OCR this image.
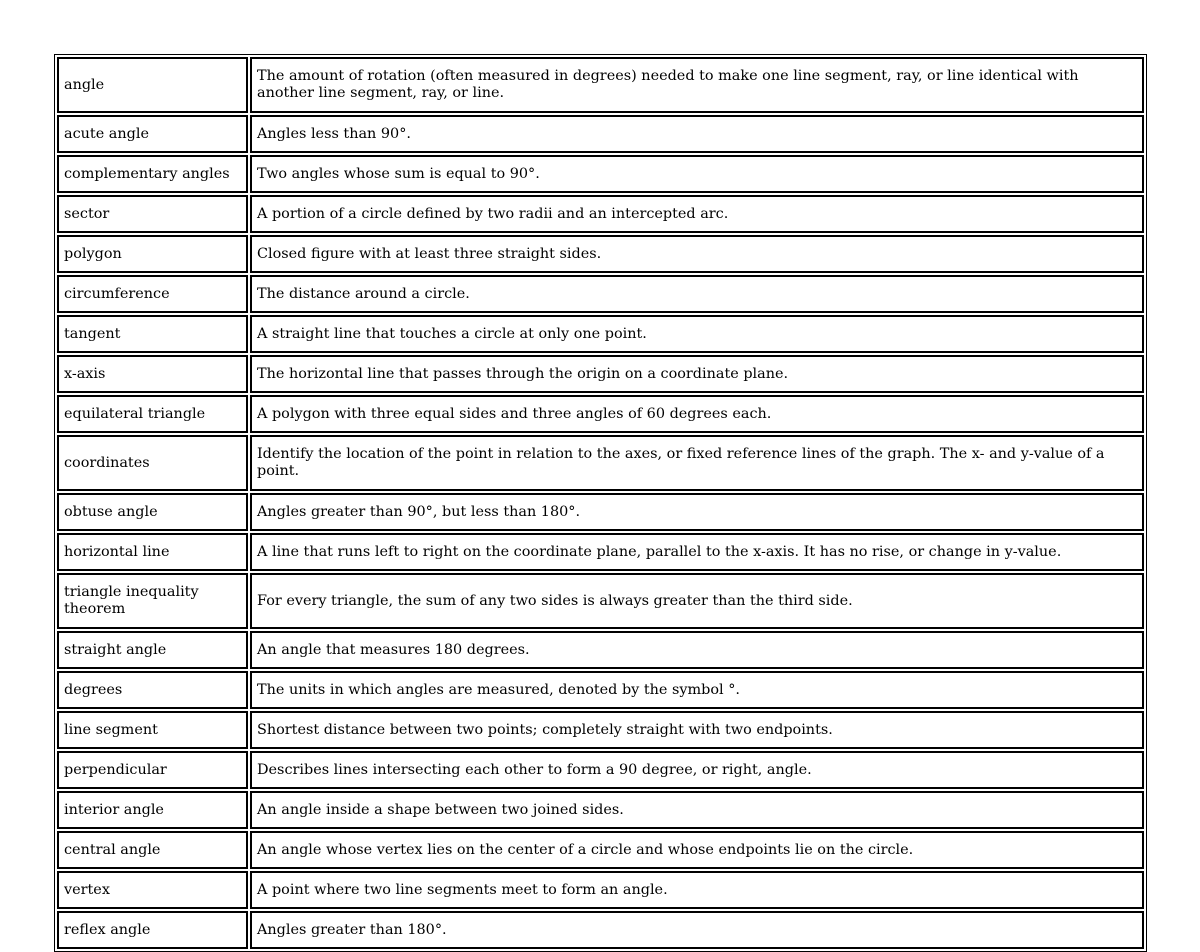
angle	The amount of rotation (often measured in degrees) needed to make one line segment, ray, or line identical with another line segment, ray, or line.
acute angle	Angles less than 90°.
complementary angles	Two angles whose sum is equal to 90°.
sector	A portion of a circle defined by two radii and an intercepted arc.
polygon	Closed figure with at least three straight sides.
circumference	The distance around a circle.
tangent	A straight line that touches a circle at only one point.
x-axis	The horizontal line that passes through the origin on a coordinate plane.
equilateral triangle	A polygon with three equal sides and three angles of 60 degrees each.
coordinates	Identify the location of the point in relation to the axes, or fixed reference lines of the graph. The x- and y-value of a point.
obtuse angle	Angles greater than 90°, but less than 180°.
horizontal line	A line that runs left to right on the coordinate plane, parallel to the x-axis. It has no rise, or change in y-value.
triangle inequality theorem	For every triangle, the sum of any two sides is always greater than the third side.
straight angle	An angle that measures 180 degrees.
degrees	The units in which angles are measured, denoted by the symbol °.
line segment	Shortest distance between two points; completely straight with two endpoints.
perpendicular	Describes lines intersecting each other to form a 90 degree, or right, angle.
interior angle	An angle inside a shape between two joined sides.
central angle	An angle whose vertex lies on the center of a circle and whose endpoints lie on the circle.
vertex	A point where two line segments meet to form an angle.
reflex angle	Angles greater than 180°.
